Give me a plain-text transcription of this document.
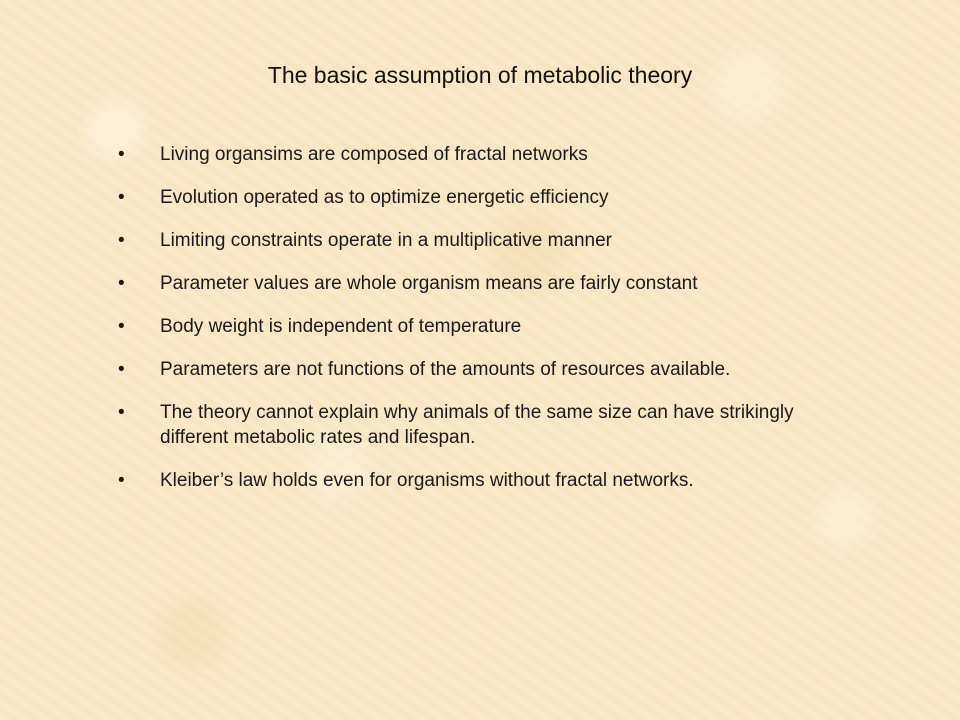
The basic assumption of metabolic theory
•	Living organsims are composed of fractal networks
•	Evolution operated as to optimize energetic efficiency
•	Limiting constraints operate in a multiplicative manner
•	Parameter values are whole organism means are fairly constant
•	Body weight is independent of temperature
•	Parameters are not functions of the amounts of resources available.
•	The theory cannot explain why animals of the same size can have strikingly different metabolic rates and lifespan.
•	Kleiber’s law holds even for organisms without fractal networks.
